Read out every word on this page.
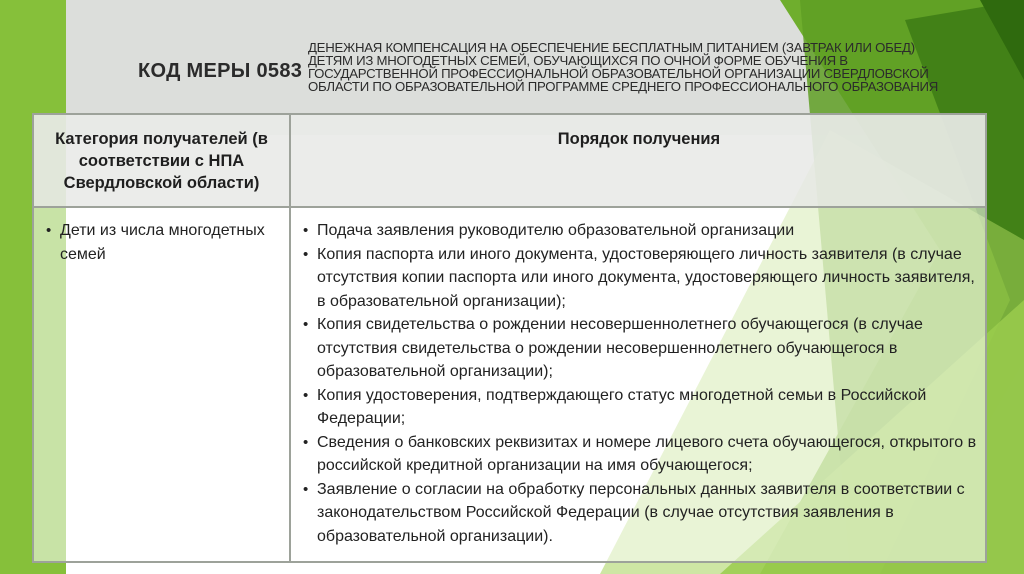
КОД МЕРЫ 0583
ДЕНЕЖНАЯ КОМПЕНСАЦИЯ НА ОБЕСПЕЧЕНИЕ БЕСПЛАТНЫМ ПИТАНИЕМ (ЗАВТРАК ИЛИ ОБЕД) ДЕТЯМ ИЗ МНОГОДЕТНЫХ СЕМЕЙ, ОБУЧАЮЩИХСЯ ПО ОЧНОЙ ФОРМЕ ОБУЧЕНИЯ В ГОСУДАРСТВЕННОЙ ПРОФЕССИОНАЛЬНОЙ ОБРАЗОВАТЕЛЬНОЙ ОРГАНИЗАЦИИ СВЕРДЛОВСКОЙ ОБЛАСТИ ПО ОБРАЗОВАТЕЛЬНОЙ ПРОГРАММЕ СРЕДНЕГО ПРОФЕССИОНАЛЬНОГО ОБРАЗОВАНИЯ
Категория получателей (в соответствии с НПА Свердловской области)
Порядок получения
• Дети из числа многодетных семей
• Подача заявления руководителю образовательной организации
• Копия паспорта или иного документа, удостоверяющего личность заявителя (в случае отсутствия копии паспорта или иного документа, удостоверяющего личность заявителя, в образовательной организации);
• Копия свидетельства о рождении несовершеннолетнего обучающегося (в случае отсутствия свидетельства о рождении несовершеннолетнего обучающегося в образовательной организации);
• Копия удостоверения, подтверждающего статус многодетной семьи в Российской Федерации;
• Сведения о банковских реквизитах и номере лицевого счета обучающегося, открытого в российской кредитной организации на имя обучающегося;
• Заявление о согласии на обработку персональных данных заявителя в соответствии с законодательством Российской Федерации (в случае отсутствия заявления в образовательной организации).
